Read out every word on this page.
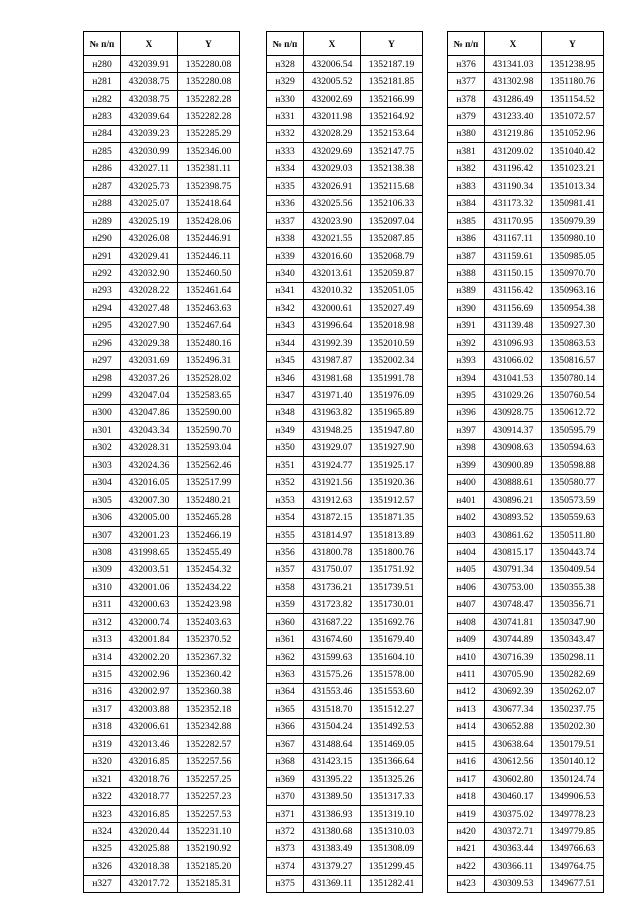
№ п/п	X	Y
н280	432039.91	1352280.08
н281	432038.75	1352280.08
н282	432038.75	1352282.28
н283	432039.64	1352282.28
н284	432039.23	1352285.29
н285	432030.99	1352346.00
н286	432027.11	1352381.11
н287	432025.73	1352398.75
н288	432025.07	1352418.64
н289	432025.19	1352428.06
н290	432026.08	1352446.91
н291	432029.41	1352446.11
н292	432032.90	1352460.50
н293	432028.22	1352461.64
н294	432027.48	1352463.63
н295	432027.90	1352467.64
н296	432029.38	1352480.16
н297	432031.69	1352496.31
н298	432037.26	1352528.02
н299	432047.04	1352583.65
н300	432047.86	1352590.00
н301	432043.34	1352590.70
н302	432028.31	1352593.04
н303	432024.36	1352562.46
н304	432016.05	1352517.99
н305	432007.30	1352480.21
н306	432005.00	1352465.28
н307	432001.23	1352466.19
н308	431998.65	1352455.49
н309	432003.51	1352454.32
н310	432001.06	1352434.22
н311	432000.63	1352423.98
н312	432000.74	1352403.63
н313	432001.84	1352370.52
н314	432002.20	1352367.32
н315	432002.96	1352360.42
н316	432002.97	1352360.38
н317	432003.88	1352352.18
н318	432006.61	1352342.88
н319	432013.46	1352282.57
н320	432016.85	1352257.56
н321	432018.76	1352257.25
н322	432018.77	1352257.23
н323	432016.85	1352257.53
н324	432020.44	1352231.10
н325	432025.88	1352190.92
н326	432018.38	1352185.20
н327	432017.72	1352185.31
№ п/п	X	Y
н328	432006.54	1352187.19
н329	432005.52	1352181.85
н330	432002.69	1352166.99
н331	432011.98	1352164.92
н332	432028.29	1352153.64
н333	432029.69	1352147.75
н334	432029.03	1352138.38
н335	432026.91	1352115.68
н336	432025.56	1352106.33
н337	432023.90	1352097.04
н338	432021.55	1352087.85
н339	432016.60	1352068.79
н340	432013.61	1352059.87
н341	432010.32	1352051.05
н342	432000.61	1352027.49
н343	431996.64	1352018.98
н344	431992.39	1352010.59
н345	431987.87	1352002.34
н346	431981.68	1351991.78
н347	431971.40	1351976.09
н348	431963.82	1351965.89
н349	431948.25	1351947.80
н350	431929.07	1351927.90
н351	431924.77	1351925.17
н352	431921.56	1351920.36
н353	431912.63	1351912.57
н354	431872.15	1351871.35
н355	431814.97	1351813.89
н356	431800.78	1351800.76
н357	431750.07	1351751.92
н358	431736.21	1351739.51
н359	431723.82	1351730.01
н360	431687.22	1351692.76
н361	431674.60	1351679.40
н362	431599.63	1351604.10
н363	431575.26	1351578.00
н364	431553.46	1351553.60
н365	431518.70	1351512.27
н366	431504.24	1351492.53
н367	431488.64	1351469.05
н368	431423.15	1351366.64
н369	431395.22	1351325.26
н370	431389.50	1351317.33
н371	431386.93	1351319.10
н372	431380.68	1351310.03
н373	431383.49	1351308.09
н374	431379.27	1351299.45
н375	431369.11	1351282.41
№ п/п	X	Y
н376	431341.03	1351238.95
н377	431302.98	1351180.76
н378	431286.49	1351154.52
н379	431233.40	1351072.57
н380	431219.86	1351052.96
н381	431209.02	1351040.42
н382	431196.42	1351023.21
н383	431190.34	1351013.34
н384	431173.32	1350981.41
н385	431170.95	1350979.39
н386	431167.11	1350980.10
н387	431159.61	1350985.05
н388	431150.15	1350970.70
н389	431156.42	1350963.16
н390	431156.69	1350954.38
н391	431139.48	1350927.30
н392	431096.93	1350863.53
н393	431066.02	1350816.57
н394	431041.53	1350780.14
н395	431029.26	1350760.54
н396	430928.75	1350612.72
н397	430914.37	1350595.79
н398	430908.63	1350594.63
н399	430900.89	1350598.88
н400	430888.61	1350580.77
н401	430896.21	1350573.59
н402	430893.52	1350559.63
н403	430861.62	1350511.80
н404	430815.17	1350443.74
н405	430791.34	1350409.54
н406	430753.00	1350355.38
н407	430748.47	1350356.71
н408	430741.81	1350347.90
н409	430744.89	1350343.47
н410	430716.39	1350298.11
н411	430705.90	1350282.69
н412	430692.39	1350262.07
н413	430677.34	1350237.75
н414	430652.88	1350202.30
н415	430638.64	1350179.51
н416	430612.56	1350140.12
н417	430602.80	1350124.74
н418	430460.17	1349906.53
н419	430375.02	1349778.23
н420	430372.71	1349779.85
н421	430363.44	1349766.63
н422	430366.11	1349764.75
н423	430309.53	1349677.51
